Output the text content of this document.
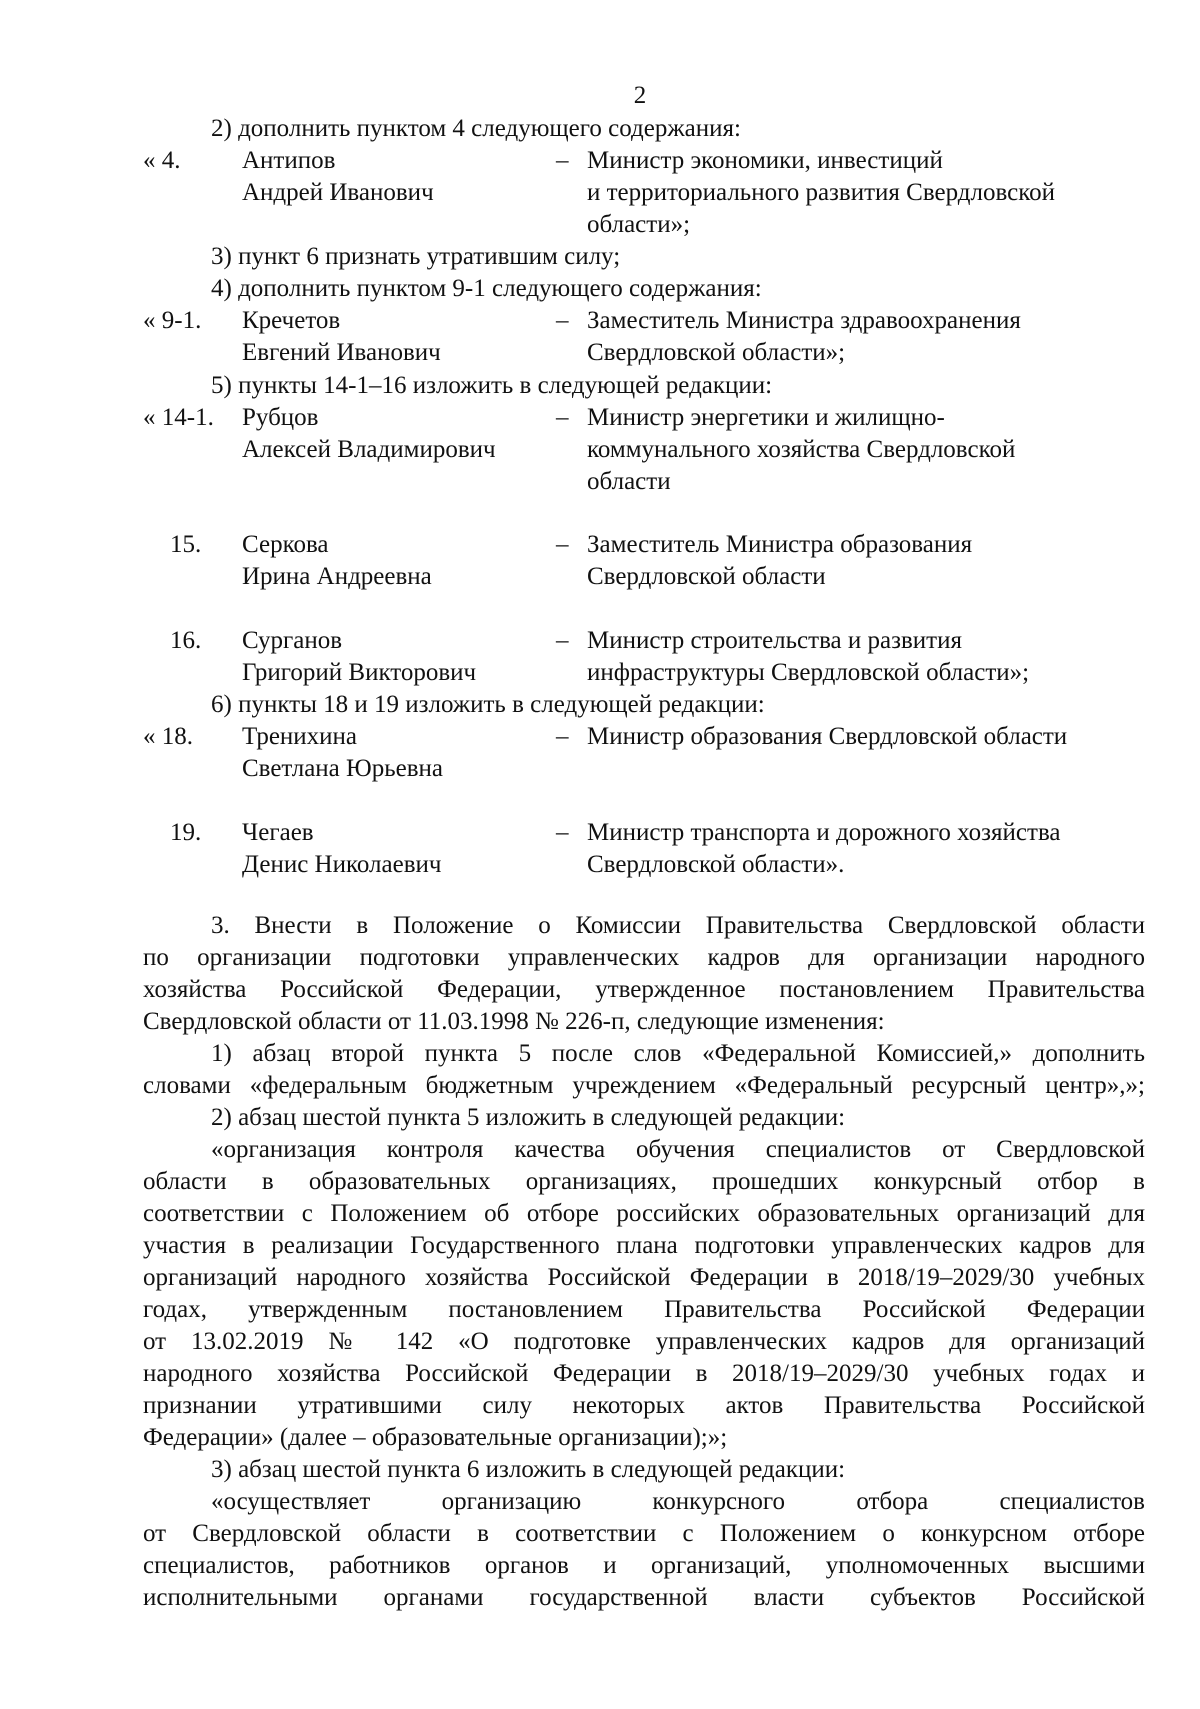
2
2) дополнить пунктом 4 следующего содержания:
« 4. Антипов
Андрей Иванович
– Министр экономики, инвестиций
и территориального развития Свердловской
области»;
3) пункт 6 признать утратившим силу;
4) дополнить пунктом 9-1 следующего содержания:
« 9-1. Кречетов
Евгений Иванович
– Заместитель Министра здравоохранения
Свердловской области»;
5) пункты 14-1–16 изложить в следующей редакции:
« 14-1. Рубцов
Алексей Владимирович
– Министр энергетики и жилищно-
коммунального хозяйства Свердловской
области
15. Серкова
Ирина Андреевна
– Заместитель Министра образования
Свердловской области
16. Сурганов
Григорий Викторович
– Министр строительства и развития
инфраструктуры Свердловской области»;
6) пункты 18 и 19 изложить в следующей редакции:
« 18. Тренихина
Светлана Юрьевна
– Министр образования Свердловской области
19. Чегаев
Денис Николаевич
– Министр транспорта и дорожного хозяйства
Свердловской области».

3. Внести в Положение о Комиссии Правительства Свердловской области
по организации подготовки управленческих кадров для организации народного
хозяйства Российской Федерации, утвержденное постановлением Правительства
Свердловской области от 11.03.1998 № 226-п, следующие изменения:

1) абзац второй пункта 5 после слов «Федеральной Комиссией,» дополнить
словами «федеральным бюджетным учреждением «Федеральный ресурсный центр»,»;

2) абзац шестой пункта 5 изложить в следующей редакции:

«организация контроля качества обучения специалистов от Свердловской
области в образовательных организациях, прошедших конкурсный отбор в
соответствии с Положением об отборе российских образовательных организаций для
участия в реализации Государственного плана подготовки управленческих кадров для
организаций народного хозяйства Российской Федерации в 2018/19–2029/30 учебных
годах, утвержденным постановлением Правительства Российской Федерации
от 13.02.2019 № 142 «О подготовке управленческих кадров для организаций
народного хозяйства Российской Федерации в 2018/19–2029/30 учебных годах и
признании утратившими силу некоторых актов Правительства Российской
Федерации» (далее – образовательные организации);»;

3) абзац шестой пункта 6 изложить в следующей редакции:

«осуществляет организацию конкурсного отбора специалистов
от Свердловской области в соответствии с Положением о конкурсном отборе
специалистов, работников органов и организаций, уполномоченных высшими
исполнительными органами государственной власти субъектов Российской
